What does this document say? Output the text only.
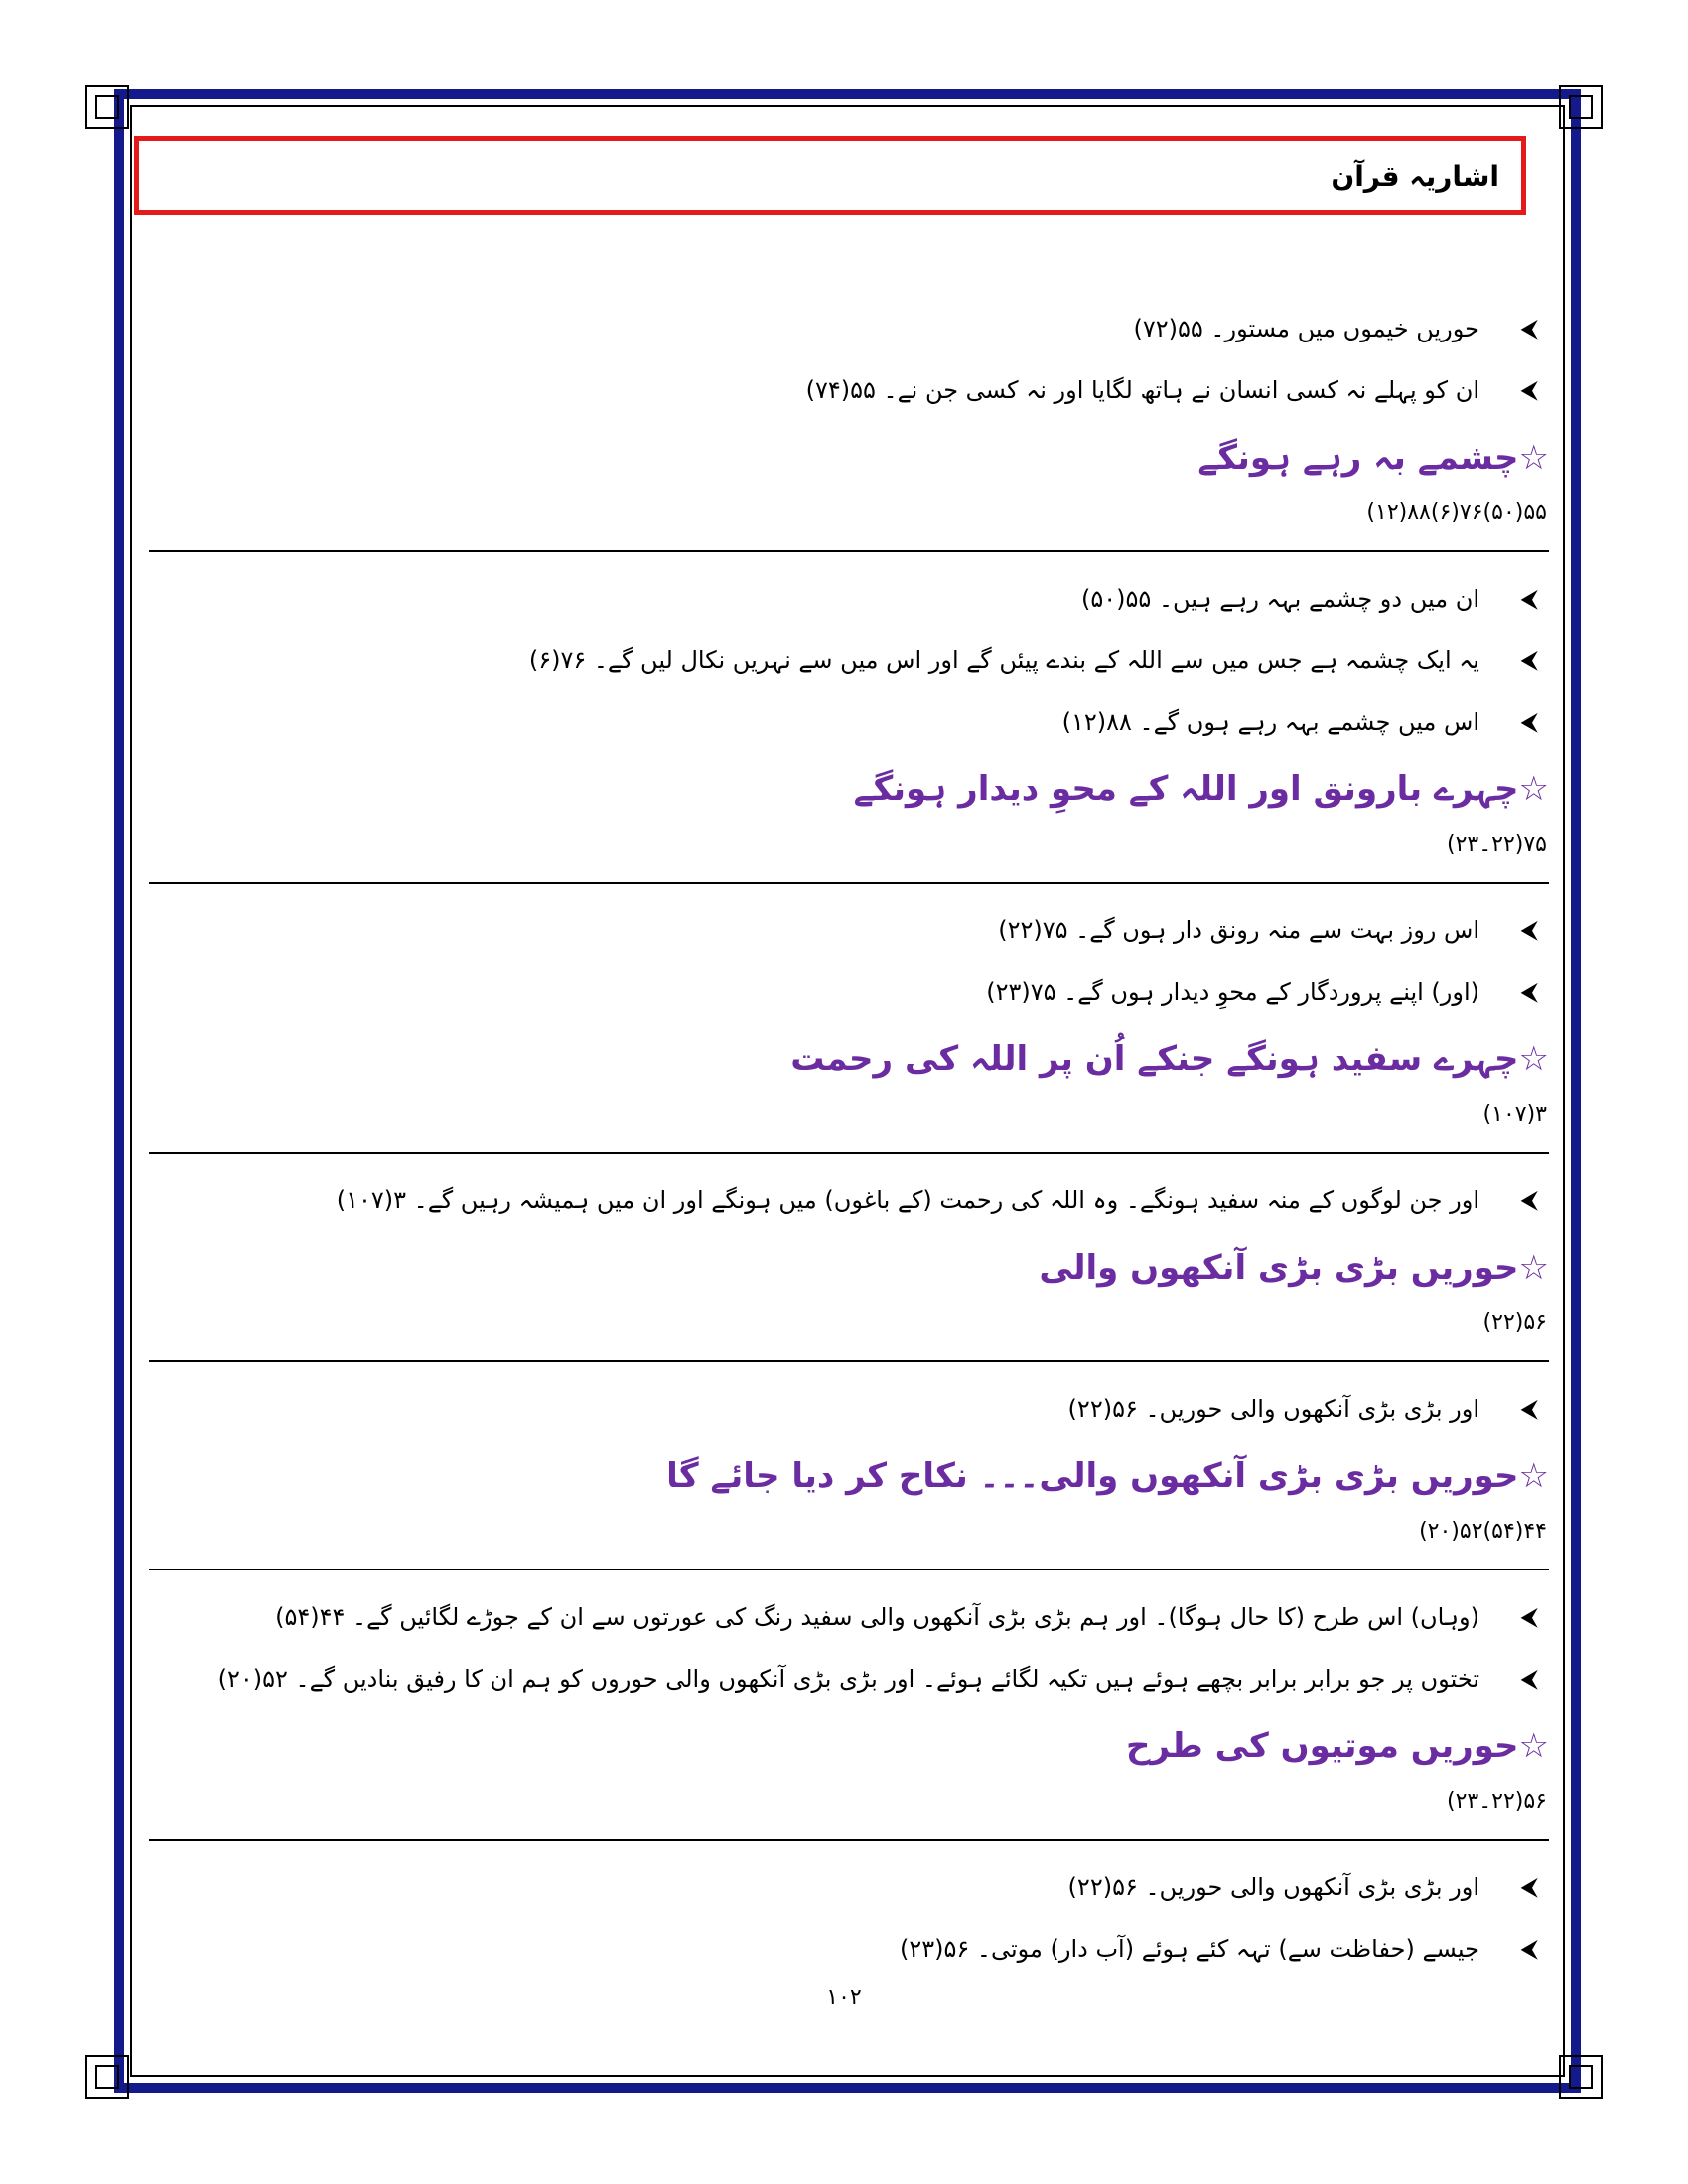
اشاریہ قرآن
⮜
حوریں خیموں میں مستور۔ ۵۵(۷۲)
⮜
ان کو پہلے نہ کسی انسان نے ہاتھ لگایا اور نہ کسی جن نے۔ ۵۵(۷۴)
☆چشمے بہ رہے ہونگے
۵۵(۵۰)۷۶(۶)۸۸(۱۲)
⮜
ان میں دو چشمے بہہ رہے ہیں۔ ۵۵(۵۰)
⮜
یہ ایک چشمہ ہے جس میں سے اللہ کے بندے پیئں گے اور اس میں سے نہریں نکال لیں گے۔ ۷۶(۶)
⮜
اس میں چشمے بہہ رہے ہوں گے۔ ۸۸(۱۲)
☆چہرے بارونق اور اللہ کے محوِ دیدار ہونگے
۷۵(۲۲۔۲۳)
⮜
اس روز بہت سے منہ رونق دار ہوں گے۔ ۷۵(۲۲)
⮜
(اور) اپنے پروردگار کے محوِ دیدار ہوں گے۔ ۷۵(۲۳)
☆چہرے سفید ہونگے جنکے اُن پر اللہ کی رحمت
۳(۱۰۷)
⮜
اور جن لوگوں کے منہ سفید ہونگے۔ وہ اللہ کی رحمت (کے باغوں) میں ہونگے اور ان میں ہمیشہ رہیں گے۔ ۳(۱۰۷)
☆حوریں بڑی بڑی آنکھوں والی
۵۶(۲۲)
⮜
اور بڑی بڑی آنکھوں والی حوریں۔ ۵۶(۲۲)
☆حوریں بڑی بڑی آنکھوں والی۔۔۔ نکاح کر دیا جائے گا
۴۴(۵۴)۵۲(۲۰)
⮜
(وہاں) اس طرح (کا حال ہوگا)۔ اور ہم بڑی بڑی آنکھوں والی سفید رنگ کی عورتوں سے ان کے جوڑے لگائیں گے۔ ۴۴(۵۴)
⮜
تختوں پر جو برابر برابر بچھے ہوئے ہیں تکیہ لگائے ہوئے۔ اور بڑی بڑی آنکھوں والی حوروں کو ہم ان کا رفیق بنادیں گے۔ ۵۲(۲۰)
☆حوریں موتیوں کی طرح
۵۶(۲۲۔۲۳)
⮜
اور بڑی بڑی آنکھوں والی حوریں۔ ۵۶(۲۲)
⮜
جیسے (حفاظت سے) تہہ کئے ہوئے (آب دار) موتی۔ ۵۶(۲۳)
۱۰۲
